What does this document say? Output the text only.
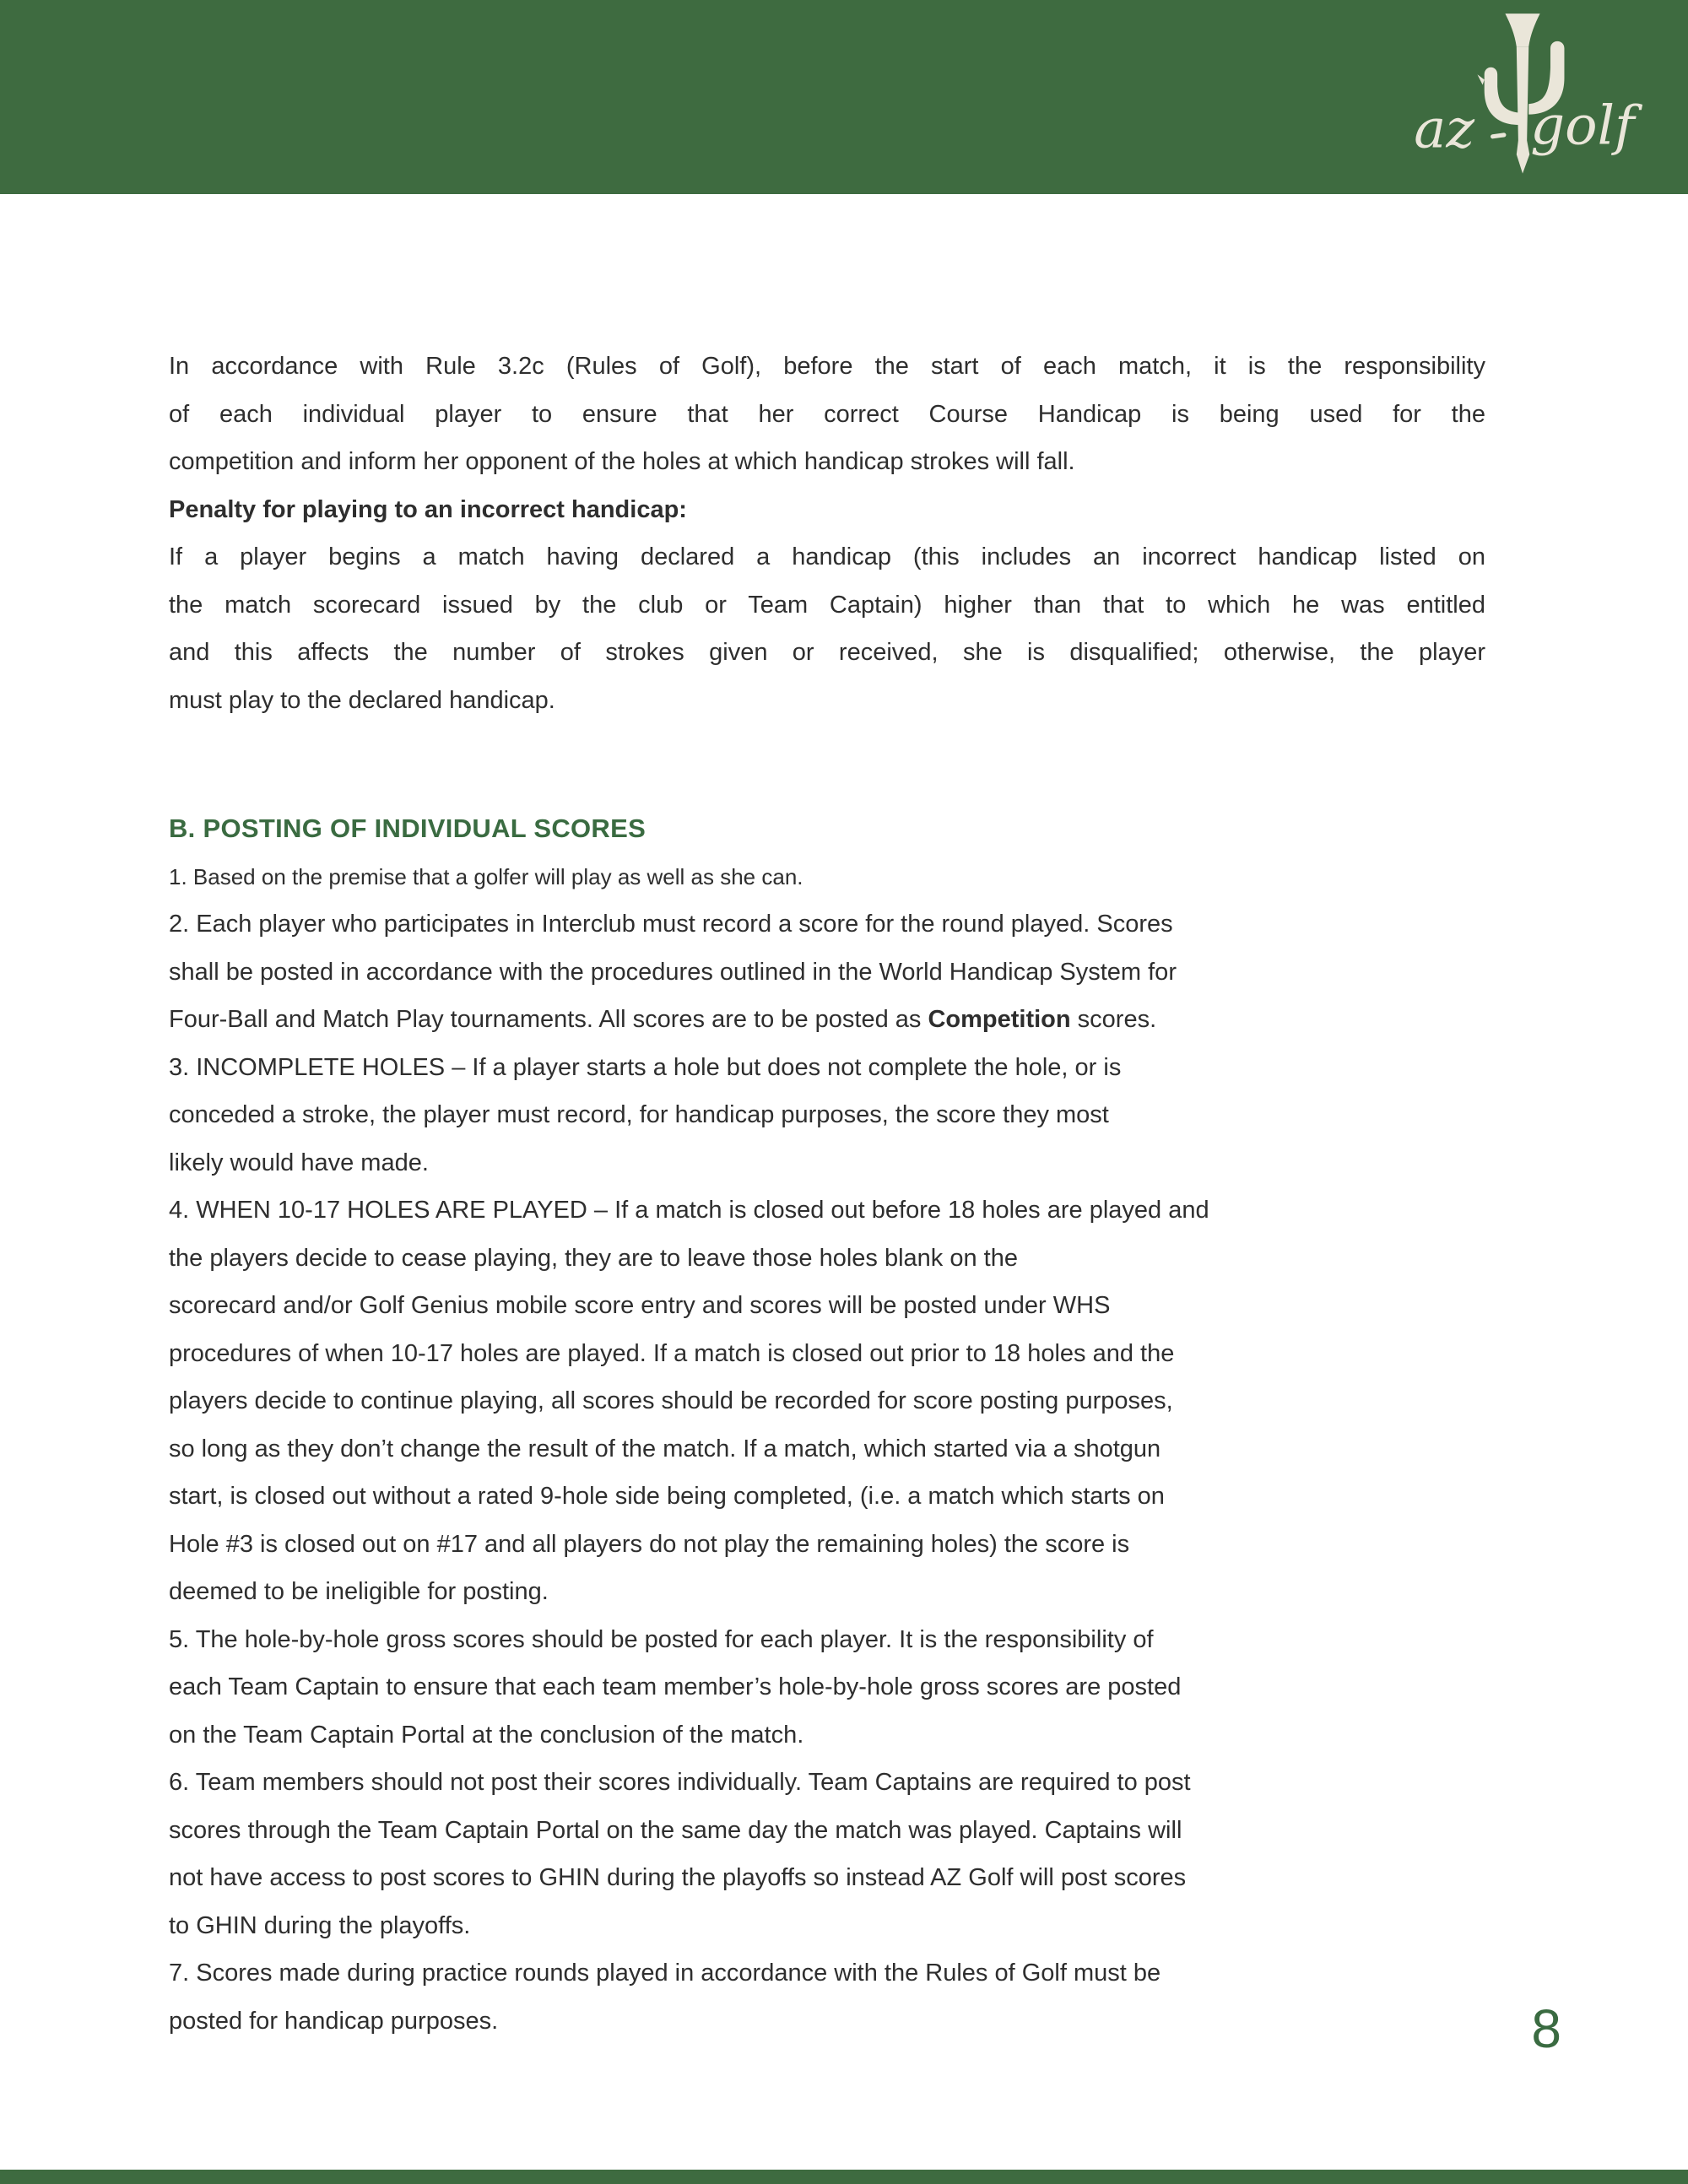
az golf
In accordance with Rule 3.2c (Rules of Golf), before the start of each match, it is the responsibility
of each individual player to ensure that her correct Course Handicap is being used for the
competition and inform her opponent of the holes at which handicap strokes will fall.
Penalty for playing to an incorrect handicap:
If a player begins a match having declared a handicap (this includes an incorrect handicap listed on
the match scorecard issued by the club or Team Captain) higher than that to which he was entitled
and this affects the number of strokes given or received, she is disqualified; otherwise, the player
must play to the declared handicap.
B. POSTING OF INDIVIDUAL SCORES
1. Based on the premise that a golfer will play as well as she can.
2. Each player who participates in Interclub must record a score for the round played. Scores
shall be posted in accordance with the procedures outlined in the World Handicap System for
Four-Ball and Match Play tournaments. All scores are to be posted as Competition scores.
3. INCOMPLETE HOLES – If a player starts a hole but does not complete the hole, or is
conceded a stroke, the player must record, for handicap purposes, the score they most
likely would have made.
4. WHEN 10-17 HOLES ARE PLAYED – If a match is closed out before 18 holes are played and
the players decide to cease playing, they are to leave those holes blank on the
scorecard and/or Golf Genius mobile score entry and scores will be posted under WHS
procedures of when 10-17 holes are played. If a match is closed out prior to 18 holes and the
players decide to continue playing, all scores should be recorded for score posting purposes,
so long as they don’t change the result of the match. If a match, which started via a shotgun
start, is closed out without a rated 9-hole side being completed, (i.e. a match which starts on
Hole #3 is closed out on #17 and all players do not play the remaining holes) the score is
deemed to be ineligible for posting.
5. The hole-by-hole gross scores should be posted for each player. It is the responsibility of
each Team Captain to ensure that each team member’s hole-by-hole gross scores are posted
on the Team Captain Portal at the conclusion of the match.
6. Team members should not post their scores individually. Team Captains are required to post
scores through the Team Captain Portal on the same day the match was played. Captains will
not have access to post scores to GHIN during the playoffs so instead AZ Golf will post scores
to GHIN during the playoffs.
7. Scores made during practice rounds played in accordance with the Rules of Golf must be
posted for handicap purposes.	8
